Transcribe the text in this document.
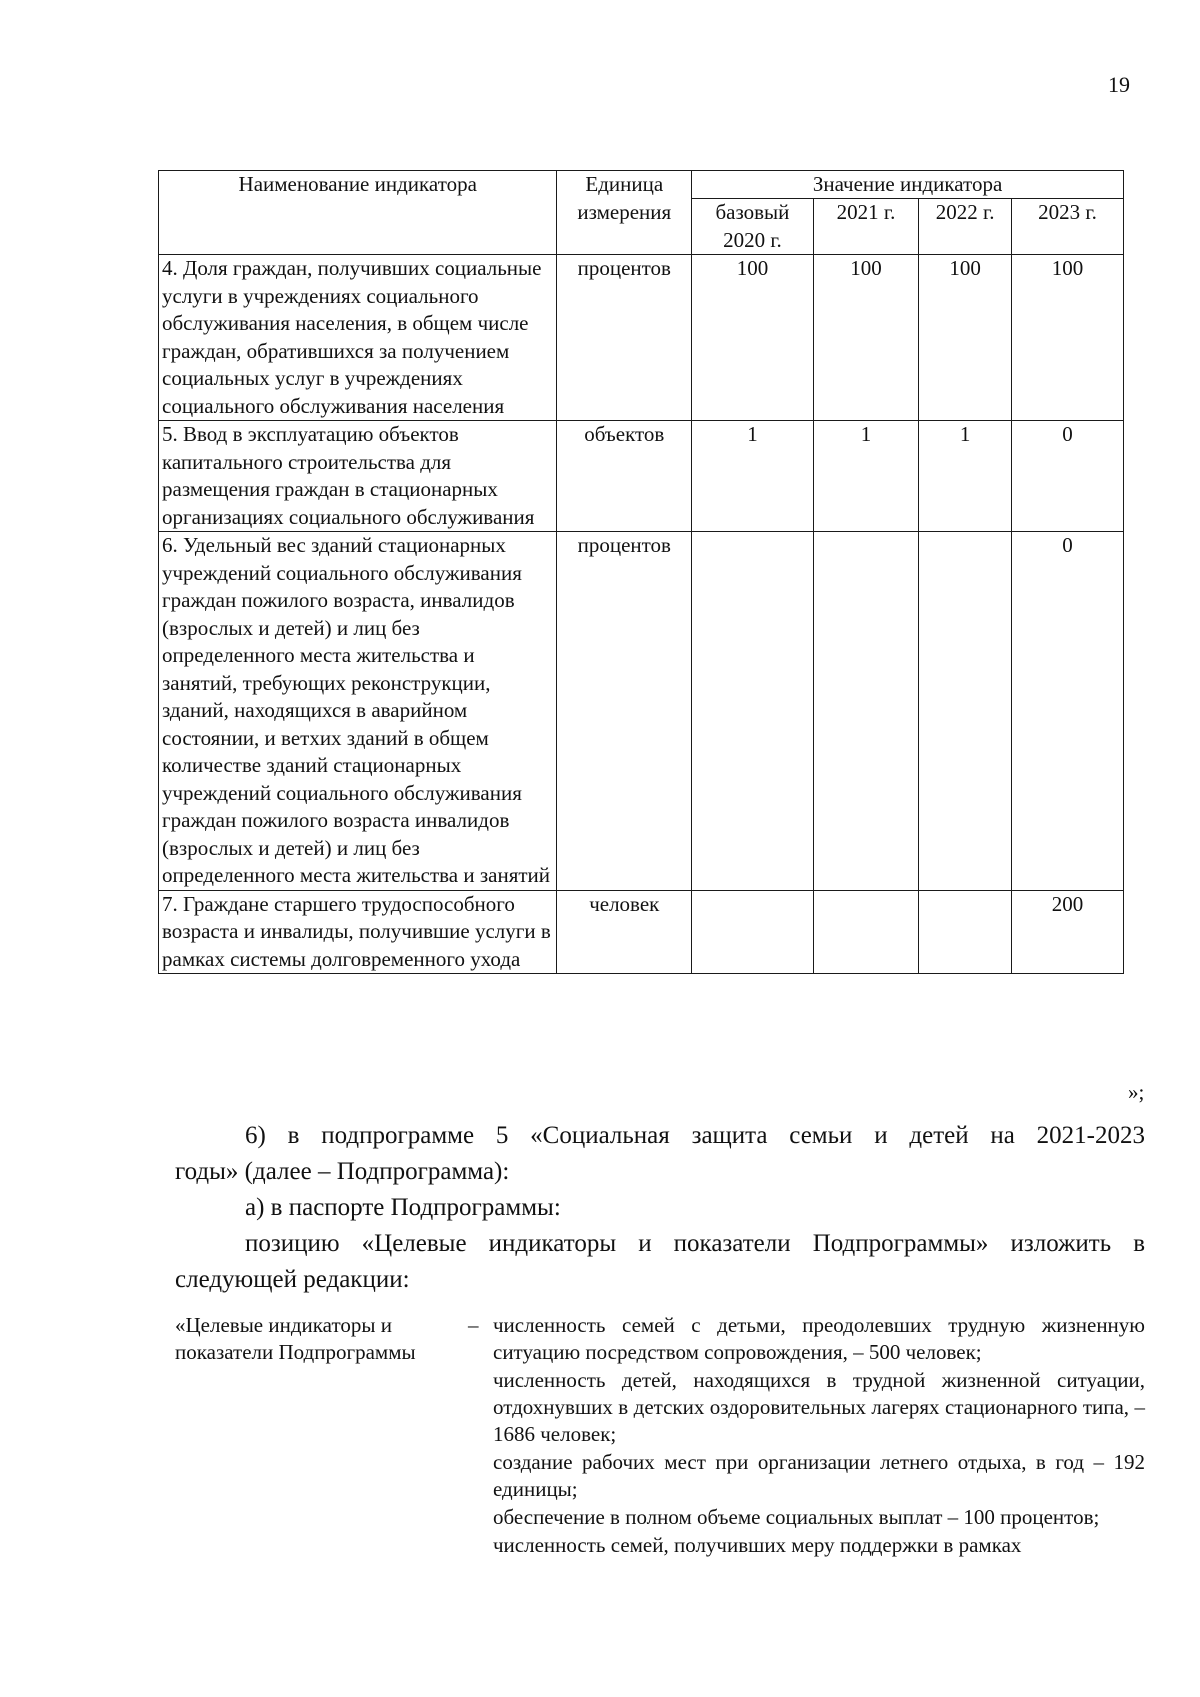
19
Наименование индикатора	Единица измерения	Значение индикатора			
		базовый 2020 г.	2021 г.	2022 г.	2023 г.
4. Доля граждан, получивших социальные услуги в учреждениях социального обслуживания населения, в общем числе граждан, обратившихся за получением социальных услуг в учреждениях социального обслуживания населения	процентов	100	100	100	100
5. Ввод в эксплуатацию объектов капитального строительства для размещения граждан в стационарных организациях социального обслуживания	объектов	1	1	1	0
6. Удельный вес зданий стационарных учреждений социального обслуживания граждан пожилого возраста, инвалидов (взрослых и детей) и лиц без определенного места жительства и занятий, требующих реконструкции, зданий, находящихся в аварийном состоянии, и ветхих зданий в общем количестве зданий стационарных учреждений социального обслуживания граждан пожилого возраста инвалидов (взрослых и детей) и лиц без определенного места жительства и занятий	процентов				0
7. Граждане старшего трудоспособного возраста и инвалиды, получившие услуги в рамках системы долговременного ухода	человек				200
»;
6) в подпрограмме 5 «Социальная защита семьи и детей на 2021-2023
годы» (далее – Подпрограмма):
а) в паспорте Подпрограммы:
позицию «Целевые индикаторы и показатели Подпрограммы» изложить в
следующей редакции:
«Целевые индикаторы и показатели Подпрограммы
– численность семей с детьми, преодолевших трудную жизненную ситуацию посредством сопровождения, – 500 человек;
численность детей, находящихся в трудной жизненной ситуации, отдохнувших в детских оздоровительных лагерях стационарного типа, – 1686 человек;
создание рабочих мест при организации летнего отдыха, в год – 192 единицы;
обеспечение в полном объеме социальных выплат – 100 процентов;
численность семей, получивших меру поддержки в рамках
